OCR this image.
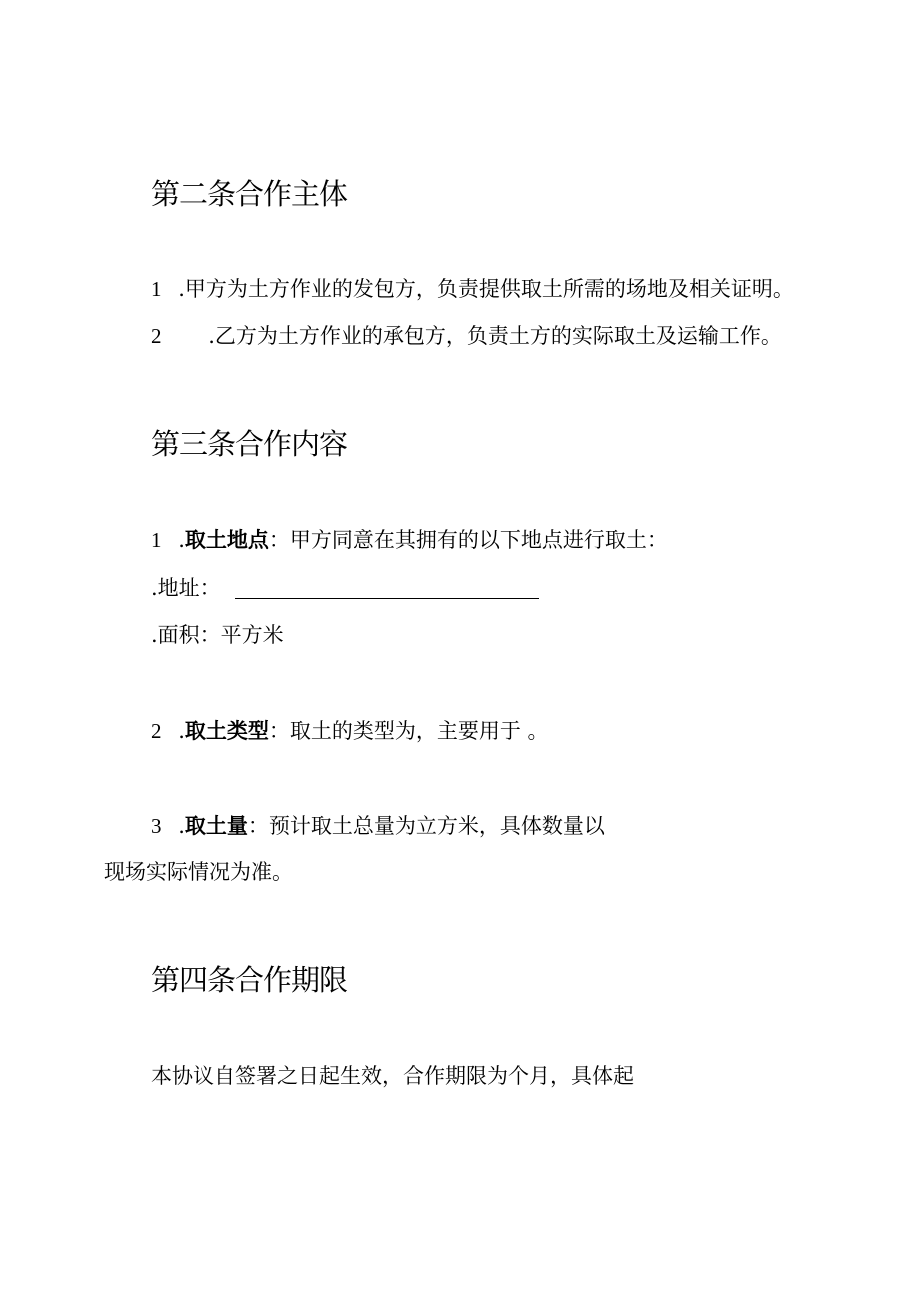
第二条合作主体
1 .甲方为土方作业的发包方，负责提供取土所需的场地及相关证明。
2 .乙方为土方作业的承包方，负责土方的实际取土及运输工作。
第三条合作内容
1 .取土地点：甲方同意在其拥有的以下地点进行取土：
.地址：
.面积：平方米
2 .取土类型：取土的类型为，主要用于 。
3 .取土量：预计取土总量为立方米，具体数量以
现场实际情况为准。
第四条合作期限
本协议自签署之日起生效，合作期限为个月，具体起
